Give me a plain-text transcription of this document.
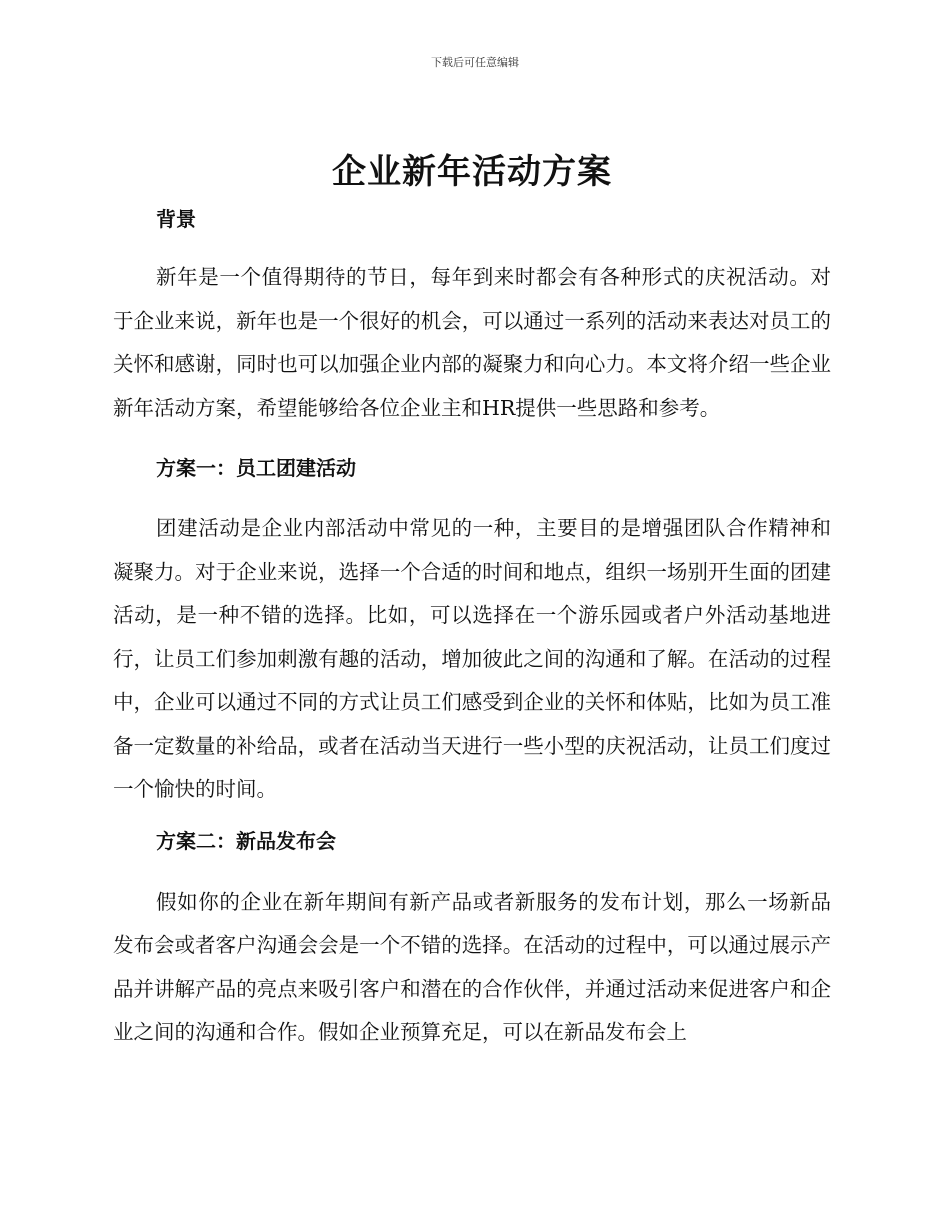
下载后可任意编辑
企业新年活动方案
背景

新年是一个值得期待的节日，每年到来时都会有各种形式的庆祝活动。对于企业来说，新年也是一个很好的机会，可以通过一系列的活动来表达对员工的关怀和感谢，同时也可以加强企业内部的凝聚力和向心力。本文将介绍一些企业新年活动方案，希望能够给各位企业主和HR提供一些思路和参考。

方案一：员工团建活动

团建活动是企业内部活动中常见的一种，主要目的是增强团队合作精神和凝聚力。对于企业来说，选择一个合适的时间和地点，组织一场别开生面的团建活动，是一种不错的选择。比如，可以选择在一个游乐园或者户外活动基地进行，让员工们参加刺激有趣的活动，增加彼此之间的沟通和了解。在活动的过程中，企业可以通过不同的方式让员工们感受到企业的关怀和体贴，比如为员工准备一定数量的补给品，或者在活动当天进行一些小型的庆祝活动，让员工们度过一个愉快的时间。

方案二：新品发布会

假如你的企业在新年期间有新产品或者新服务的发布计划，那么一场新品发布会或者客户沟通会会是一个不错的选择。在活动的过程中，可以通过展示产品并讲解产品的亮点来吸引客户和潜在的合作伙伴，并通过活动来促进客户和企业之间的沟通和合作。假如企业预算充足，可以在新品发布会上
